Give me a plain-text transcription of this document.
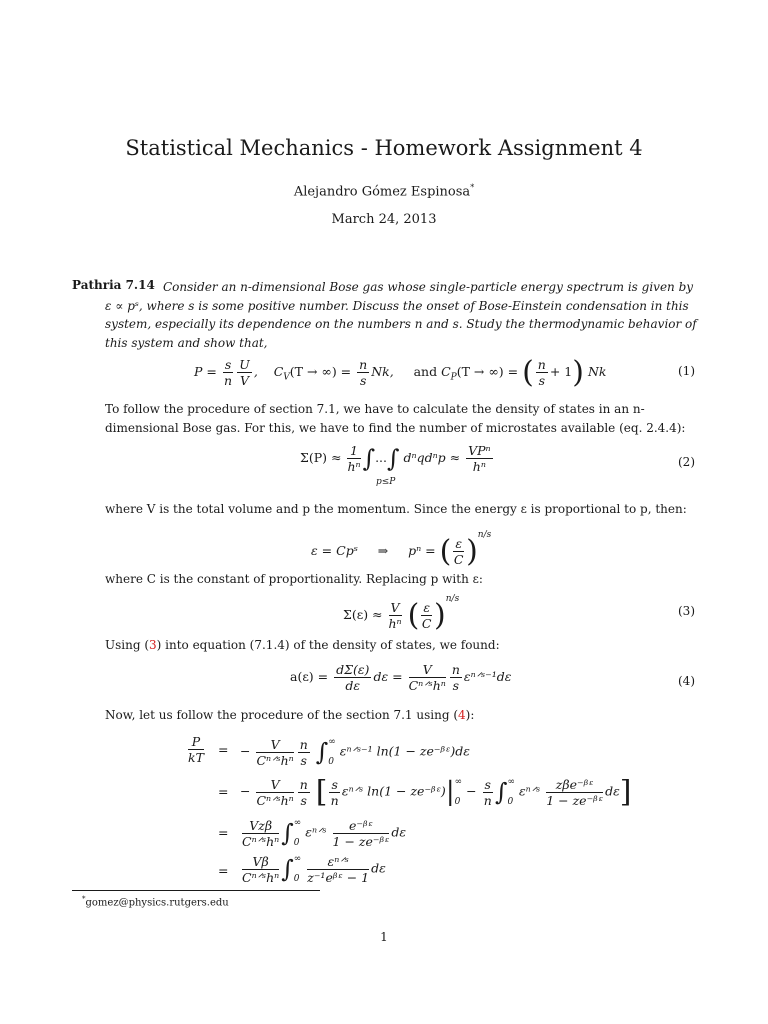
Statistical Mechanics - Homework Assignment 4
Alejandro Gómez Espinosa*
March 24, 2013
Pathria 7.14 Consider an n-dimensional Bose gas whose single-particle energy spectrum is given by ε ∝ pˢ, where s is some positive number. Discuss the onset of Bose-Einstein condensation in this system, especially its dependence on the numbers n and s. Study the thermodynamic behavior of this system and show that,
$P = \frac{s}{n} \frac{U}{V}$ ,    $C_V(T$ → ∞) = $\frac{n}{s} Nk$, and $C_P(T$ → ∞) = ( $\frac{n}{s} + 1$) Nk	(1)
To follow the procedure of section 7.1, we have to calculate the density of states in an n-dimensional Bose gas. For this, we have to find the number of microstates available (eq. 2.4.4):
$\Sigma(P) \approx \frac{1}{\text{hⁿ}}$ ∫...∫ $d^nqd^np \approx \frac{\text{VPⁿ}}{\text{hⁿ}}$
p≤P
(2)
where V is the total volume and p the momentum. Since the energy ε is proportional to p, then:
ε = Cpˢ ⇒ pⁿ = ( $\frac{\varepsilon}{C} )^{n/s}$
where C is the constant of proportionality. Replacing p with ε:
$\Sigma(\varepsilon) \approx \frac{V}{\text{hⁿ}}$ ( $\frac{\varepsilon}{C} )^{n/s}$
(3)
Using (3) into equation (7.1.4) of the density of states, we found:
$a(\varepsilon) = \frac{d\Sigma(\varepsilon)}{d\varepsilon}$ $d\varepsilon = \frac{V}{\text{Cⁿᐟˢhⁿ}} \frac{n}{s}$ εⁿᐟˢ⁻¹dε	(4)
Now, let us follow the procedure of the section 7.1 using (4):
$\frac{P}{kT}$ = − $\frac{V}{\text{Cⁿᐟˢhⁿ}} \frac{n}{s}$ ∫ ∞
0
εⁿᐟˢ⁻¹ ln(1 − ze⁻ᵝᵋ)dε
= − $\frac{V}{\text{Cⁿᐟˢhⁿ}} \frac{n}{s}$ [ $\frac{s}{n}$ εⁿᐟˢ ln(1 − ze⁻ᵝᵋ)| ∞
0
− $\frac{s}{n}$ ∫ ∞
0
εⁿᐟˢ $\frac{\text{zβe⁻ᵝᵋ}}{\text{1 − ze⁻ᵝᵋ}} d\varepsilon$]
= $\frac{\text{Vzβ}}{\text{Cⁿᐟˢhⁿ}}$ ∫ ∞
0
εⁿᐟˢ $\frac{\text{e⁻ᵝᵋ}}{\text{1 − ze⁻ᵝᵋ}}$ dε
= $\frac{V\beta}{\text{Cⁿᐟˢhⁿ}}$ ∫ ∞
0
$\frac{\text{εⁿᐟˢ}}{\text{z⁻¹eᵝᵋ − 1}}$ dε
*gomez@physics.rutgers.edu
1
